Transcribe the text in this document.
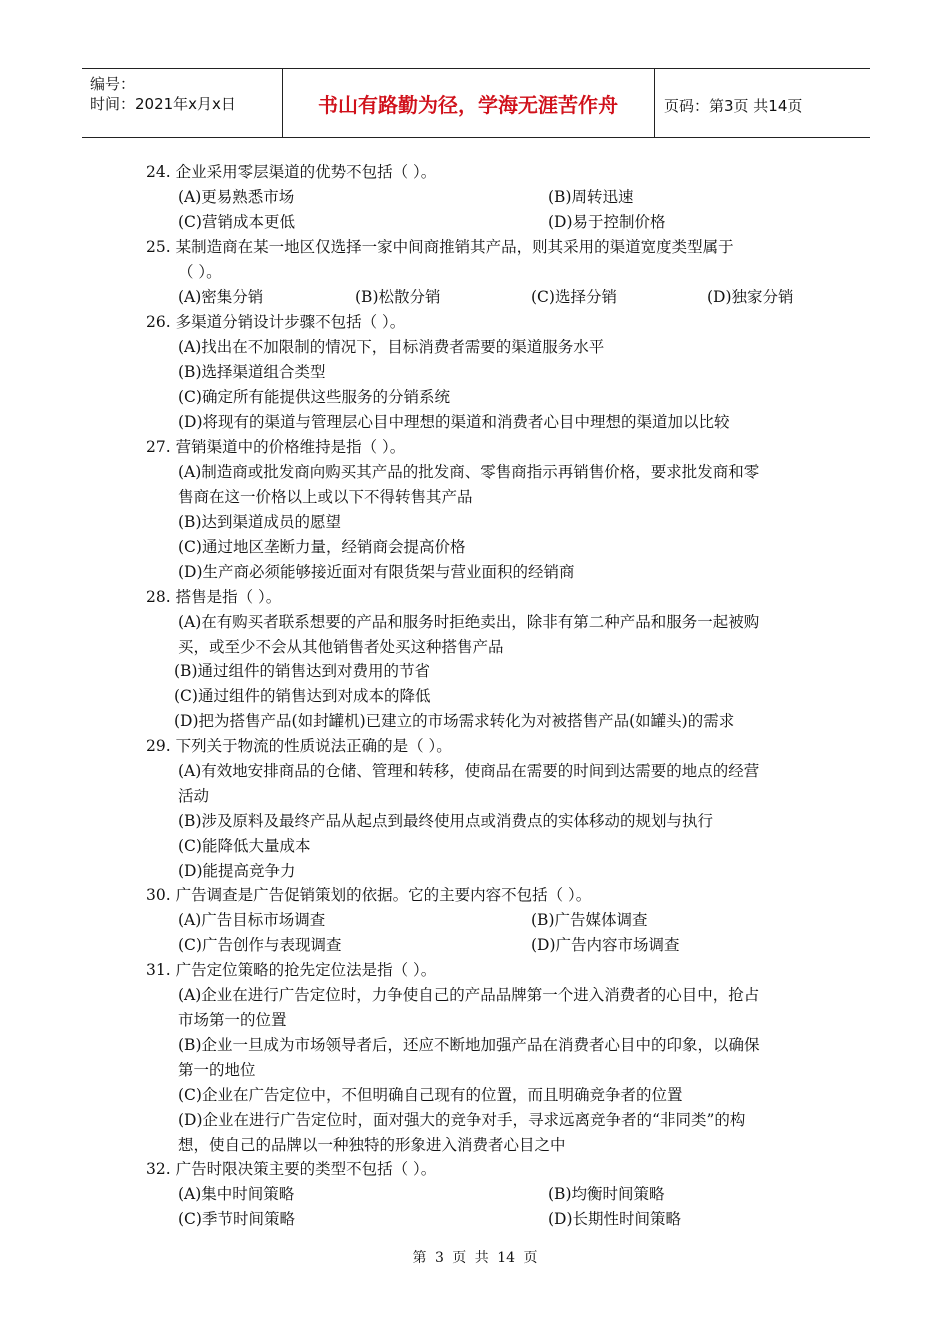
编号：
时间：2021年x月x日	书山有路勤为径，学海无涯苦作舟	页码：第3页 共14页
24. 企业采用零层渠道的优势不包括（ ）。
(A)更易熟悉市场	(B)周转迅速
(C)营销成本更低	(D)易于控制价格
25. 某制造商在某一地区仅选择一家中间商推销其产品，则其采用的渠道宽度类型属于
（ ）。
(A)密集分销	(B)松散分销	(C)选择分销	(D)独家分销
26. 多渠道分销设计步骤不包括（ ）。
(A)找出在不加限制的情况下，目标消费者需要的渠道服务水平
(B)选择渠道组合类型
(C)确定所有能提供这些服务的分销系统
(D)将现有的渠道与管理层心目中理想的渠道和消费者心目中理想的渠道加以比较
27. 营销渠道中的价格维持是指（ ）。
(A)制造商或批发商向购买其产品的批发商、零售商指示再销售价格，要求批发商和零
售商在这一价格以上或以下不得转售其产品
(B)达到渠道成员的愿望
(C)通过地区垄断力量，经销商会提高价格
(D)生产商必须能够接近面对有限货架与营业面积的经销商
28. 搭售是指（ ）。
(A)在有购买者联系想要的产品和服务时拒绝卖出，除非有第二种产品和服务一起被购
买，或至少不会从其他销售者处买这种搭售产品
(B)通过组件的销售达到对费用的节省
(C)通过组件的销售达到对成本的降低
(D)把为搭售产品(如封罐机)已建立的市场需求转化为对被搭售产品(如罐头)的需求
29. 下列关于物流的性质说法正确的是（ ）。
(A)有效地安排商品的仓储、管理和转移，使商品在需要的时间到达需要的地点的经营
活动
(B)涉及原料及最终产品从起点到最终使用点或消费点的实体移动的规划与执行
(C)能降低大量成本
(D)能提高竞争力
30. 广告调查是广告促销策划的依据。它的主要内容不包括（ ）。
(A)广告目标市场调查	(B)广告媒体调查
(C)广告创作与表现调查	(D)广告内容市场调查
31. 广告定位策略的抢先定位法是指（ ）。
(A)企业在进行广告定位时，力争使自己的产品品牌第一个进入消费者的心目中，抢占
市场第一的位置
(B)企业一旦成为市场领导者后，还应不断地加强产品在消费者心目中的印象，以确保
第一的地位
(C)企业在广告定位中，不但明确自己现有的位置，而且明确竞争者的位置
(D)企业在进行广告定位时，面对强大的竞争对手，寻求远离竞争者的“非同类”的构
想，使自己的品牌以一种独特的形象进入消费者心目之中
32. 广告时限决策主要的类型不包括（ ）。
(A)集中时间策略	(B)均衡时间策略
(C)季节时间策略	(D)长期性时间策略
第 3 页 共 14 页
